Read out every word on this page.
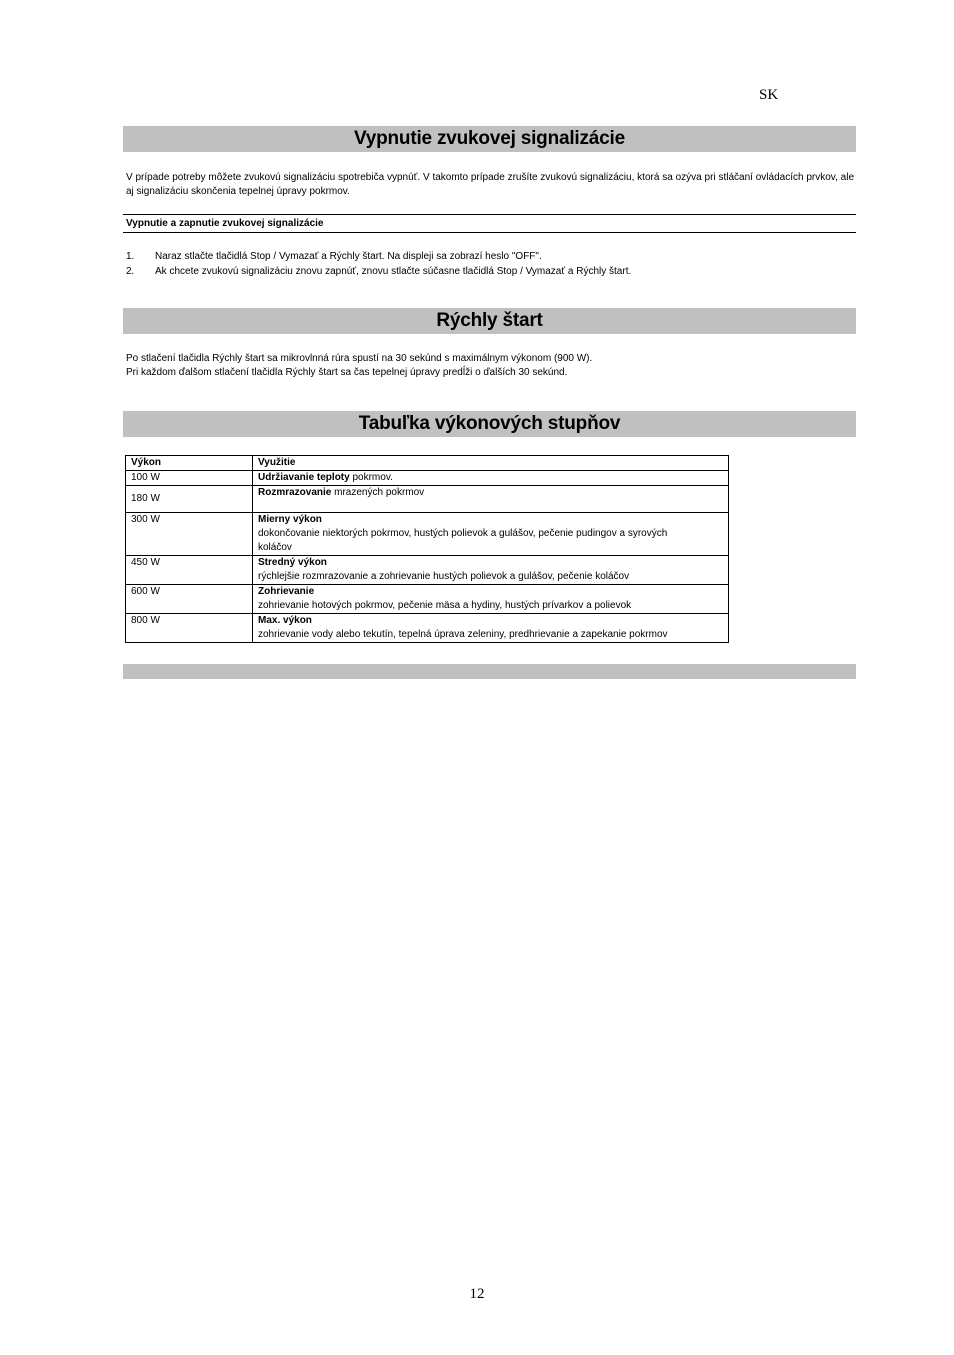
SK
Vypnutie zvukovej signalizácie

V prípade potreby môžete zvukovú signalizáciu spotrebiča vypnúť. V takomto prípade zrušíte zvukovú signalizáciu, ktorá sa ozýva pri stláčaní ovládacích prvkov, ale aj signalizáciu skončenia tepelnej úpravy pokrmov.

Vypnutie a zapnutie zvukovej signalizácie
1.	Naraz stlačte tlačidlá Stop / Vymazať a Rýchly štart. Na displeji sa zobrazí heslo "OFF".
2.	Ak chcete zvukovú signalizáciu znovu zapnúť, znovu stlačte súčasne tlačidlá Stop / Vymazať a Rýchly štart.
Rýchly štart

Po stlačení tlačidla Rýchly štart sa mikrovlnná rúra spustí na 30 sekúnd s maximálnym výkonom (900 W).

Pri každom ďalšom stlačení tlačidla Rýchly štart sa čas tepelnej úpravy predĺži o ďalších 30 sekúnd.

Tabuľka výkonových stupňov
Výkon	Využitie
100 W	Udržiavanie teploty pokrmov.
180 W	Rozmrazovanie mrazených pokrmov
300 W	Mierny výkon
dokončovanie niektorých pokrmov, hustých polievok a gulášov, pečenie pudingov a syrových koláčov
450 W	Stredný výkon
rýchlejšie rozmrazovanie a zohrievanie hustých polievok a gulášov, pečenie koláčov
600 W	Zohrievanie
zohrievanie hotových pokrmov, pečenie mäsa a hydiny, hustých prívarkov a polievok
800 W	Max. výkon
zohrievanie vody alebo tekutín, tepelná úprava zeleniny, predhrievanie a zapekanie pokrmov
12
